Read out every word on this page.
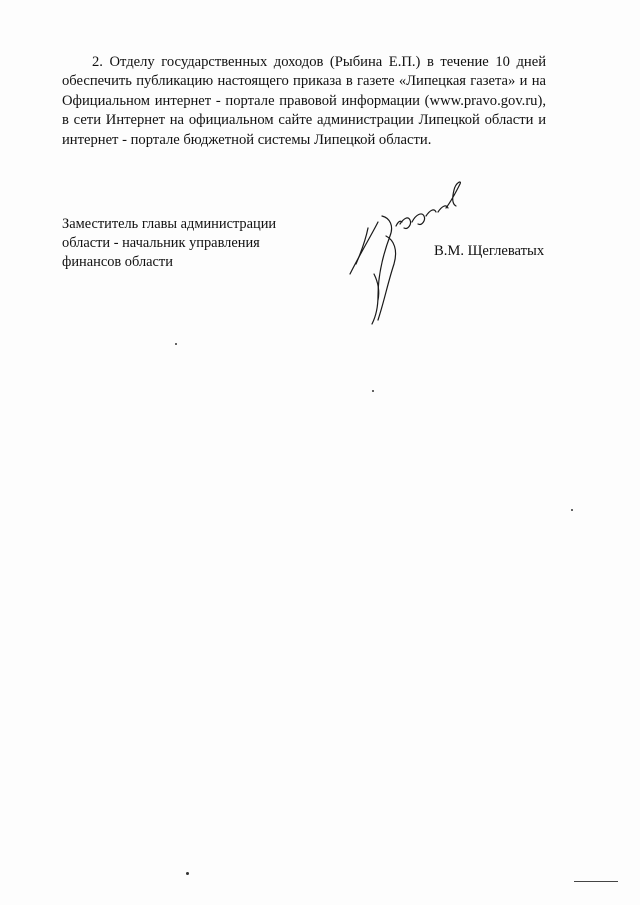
2. Отделу государственных доходов (Рыбина Е.П.) в течение 10 дней обеспечить публикацию настоящего приказа в газете «Липецкая газета» и на Официальном интернет - портале правовой информации (www.pravo.gov.ru), в сети Интернет на официальном сайте администрации Липецкой области и интернет - портале бюджетной системы Липецкой области.

Заместитель главы администрации
области - начальник управления
финансов области
В.М. Щеглеватых
